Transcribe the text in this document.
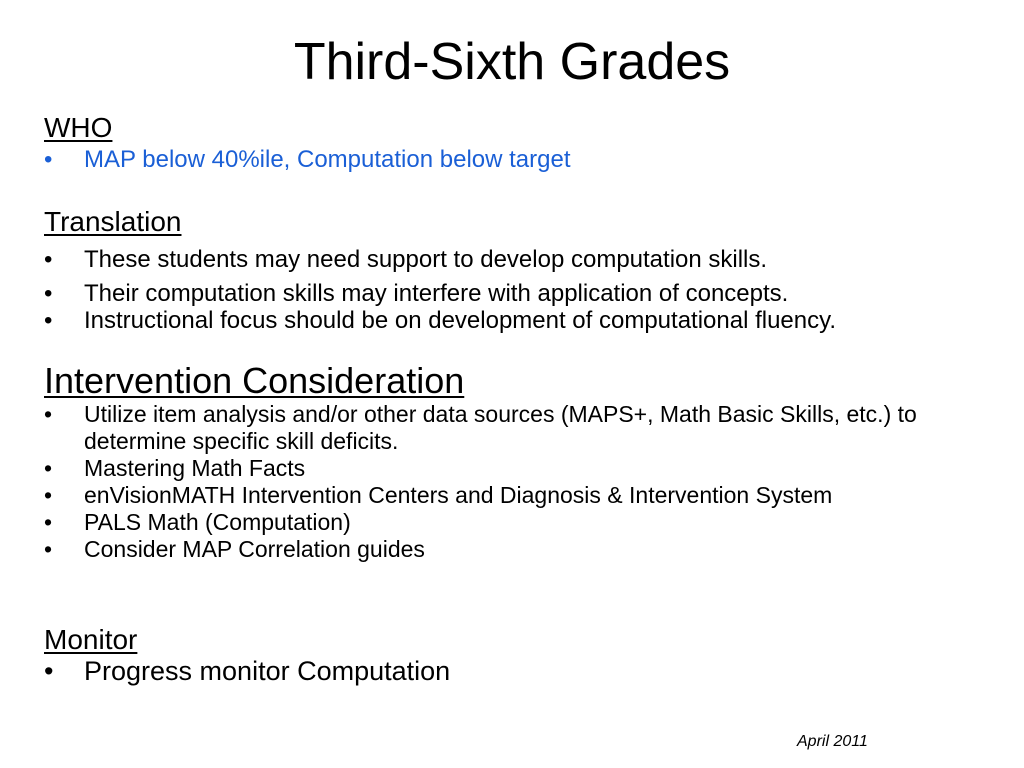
Third-Sixth Grades
WHO
• MAP below 40%ile, Computation below target
Translation
• These students may need support to develop computation skills.
• Their computation skills may interfere with application of concepts.
• Instructional focus should be on development of computational fluency.
Intervention Consideration
• Utilize item analysis and/or other data sources (MAPS+, Math Basic Skills, etc.) to determine specific skill deficits.
• Mastering Math Facts
• enVisionMATH Intervention Centers and Diagnosis & Intervention System
• PALS Math (Computation)
• Consider MAP Correlation guides
Monitor
• Progress monitor Computation
April 2011
